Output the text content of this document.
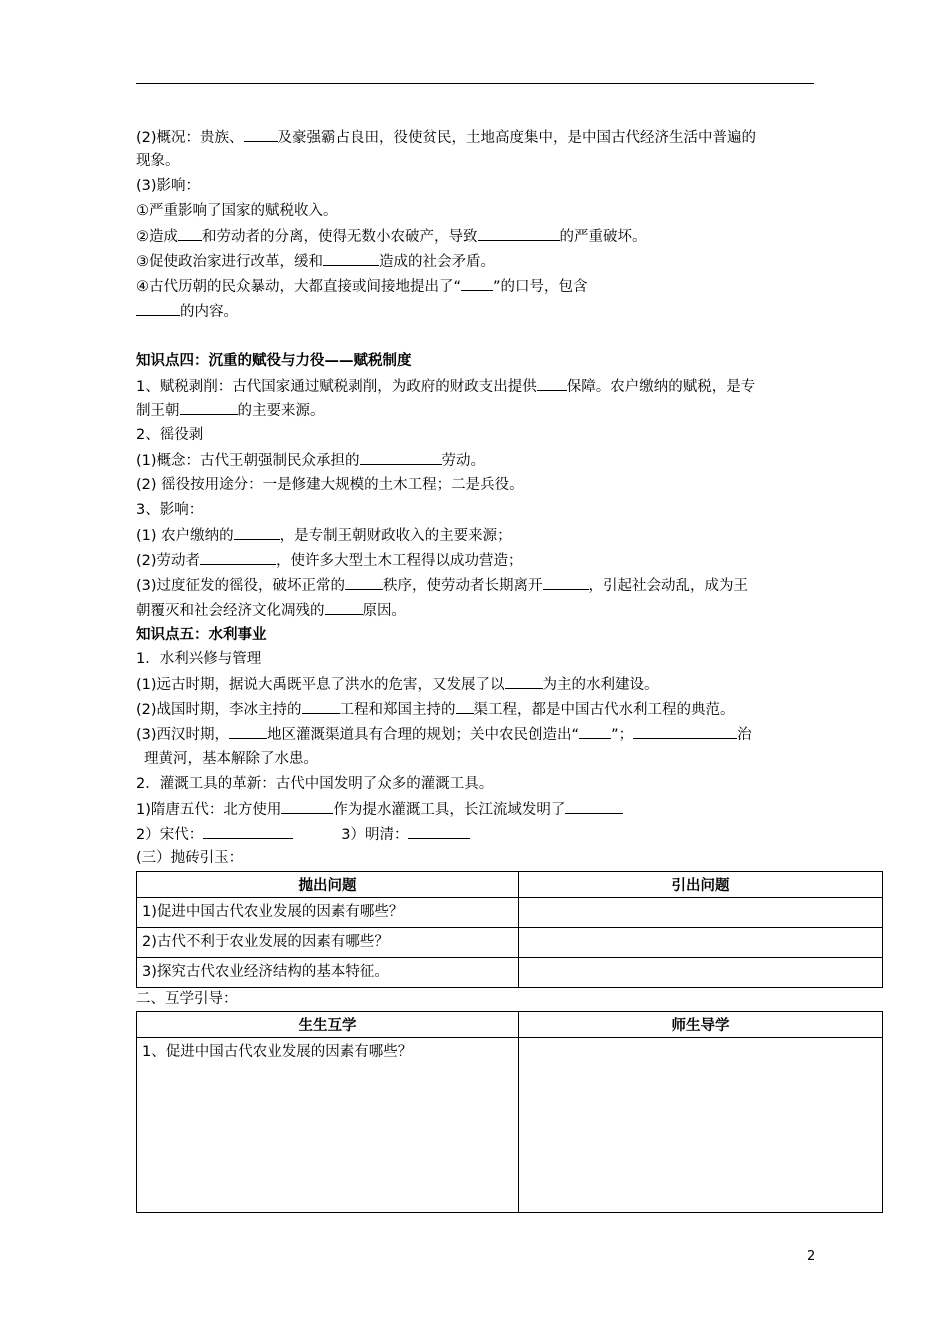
(2)概况：贵族、 及豪强霸占良田，役使贫民，土地高度集中，是中国古代经济生活中普遍的
现象。
(3)影响：
①严重影响了国家的赋税收入。
②造成 和劳动者的分离，使得无数小农破产，导致	的严重破坏。
③促使政治家进行改革，缓和	造成的社会矛盾。
④古代历朝的民众暴动，大都直接或间接地提出了“ ”的口号，包含
的内容。
知识点四：沉重的赋役与力役——赋税制度
1、赋税剥削：古代国家通过赋税剥削，为政府的财政支出提供 保障。农户缴纳的赋税，是专
制王朝	的主要来源。
2、徭役剥
(1)概念：古代王朝强制民众承担的	劳动。
(2) 徭役按用途分：一是修建大规模的土木工程；二是兵役。
3、影响：
(1) 农户缴纳的	，是专制王朝财政收入的主要来源；
(2)劳动者	，使许多大型土木工程得以成功营造；
(3)过度征发的徭役，破坏正常的	秩序，使劳动者长期离开	，引起社会动乱，成为王
朝覆灭和社会经济文化凋残的	原因。
知识点五：水利事业
1．水利兴修与管理
(1)远古时期，据说大禹既平息了洪水的危害，又发展了以	为主的水利建设。
(2)战国时期，李冰主持的	工程和郑国主持的 渠工程，都是中国古代水利工程的典范。
(3)西汉时期，	地区灌溉渠道具有合理的规划；关中农民创造出“ ”；	治
理黄河，基本解除了水患。
2．灌溉工具的革新：古代中国发明了众多的灌溉工具。
1)隋唐五代：北方使用	作为提水灌溉工具，长江流域发明了
2）宋代：	3）明清：
(三）抛砖引玉：
抛出问题	引出问题
1)促进中国古代农业发展的因素有哪些？	
2)古代不利于农业发展的因素有哪些？	
3)探究古代农业经济结构的基本特征。	
二、互学引导：
生生互学	师生导学
1、促进中国古代农业发展的因素有哪些？	
2
